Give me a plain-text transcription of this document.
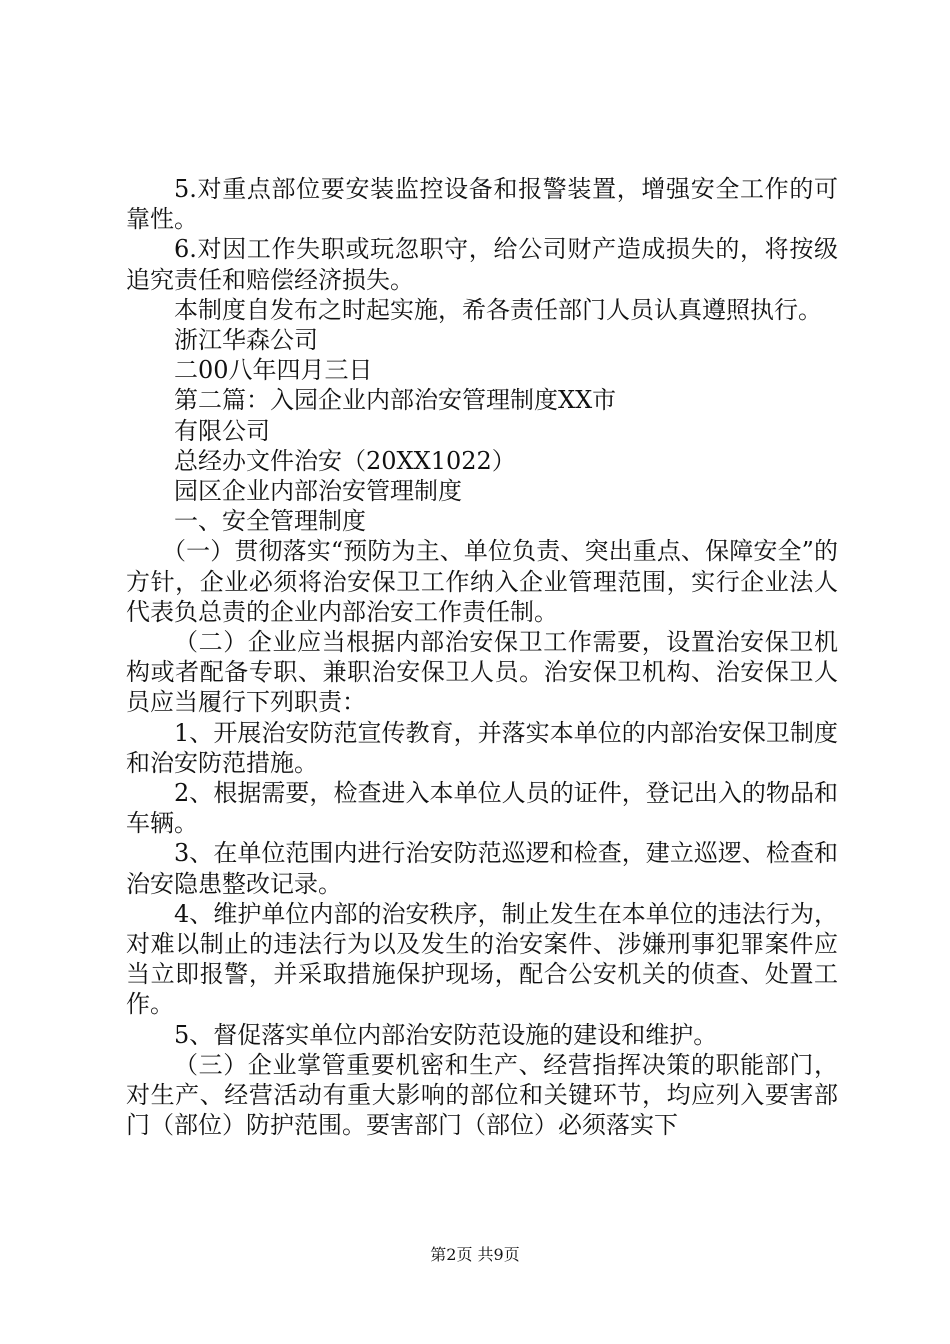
5.对重点部位要安装监控设备和报警装置，增强安全工作的可靠性。

6.对因工作失职或玩忽职守，给公司财产造成损失的，将按级追究责任和赔偿经济损失。

本制度自发布之时起实施，希各责任部门人员认真遵照执行。

浙江华森公司

二00八年四月三日

第二篇：入园企业内部治安管理制度XX市

有限公司

总经办文件治安（20XX1022）

园区企业内部治安管理制度

一、安全管理制度

（一）贯彻落实“预防为主、单位负责、突出重点、保障安全”的方针，企业必须将治安保卫工作纳入企业管理范围，实行企业法人代表负总责的企业内部治安工作责任制。

（二）企业应当根据内部治安保卫工作需要，设置治安保卫机构或者配备专职、兼职治安保卫人员。治安保卫机构、治安保卫人员应当履行下列职责：

1、开展治安防范宣传教育，并落实本单位的内部治安保卫制度和治安防范措施。

2、根据需要，检查进入本单位人员的证件，登记出入的物品和车辆。

3、在单位范围内进行治安防范巡逻和检查，建立巡逻、检查和治安隐患整改记录。

4、维护单位内部的治安秩序，制止发生在本单位的违法行为，对难以制止的违法行为以及发生的治安案件、涉嫌刑事犯罪案件应当立即报警，并采取措施保护现场，配合公安机关的侦查、处置工作。

5、督促落实单位内部治安防范设施的建设和维护。

（三）企业掌管重要机密和生产、经营指挥决策的职能部门，对生产、经营活动有重大影响的部位和关键环节，均应列入要害部门（部位）防护范围。要害部门（部位）必须落实下

第2页 共9页
